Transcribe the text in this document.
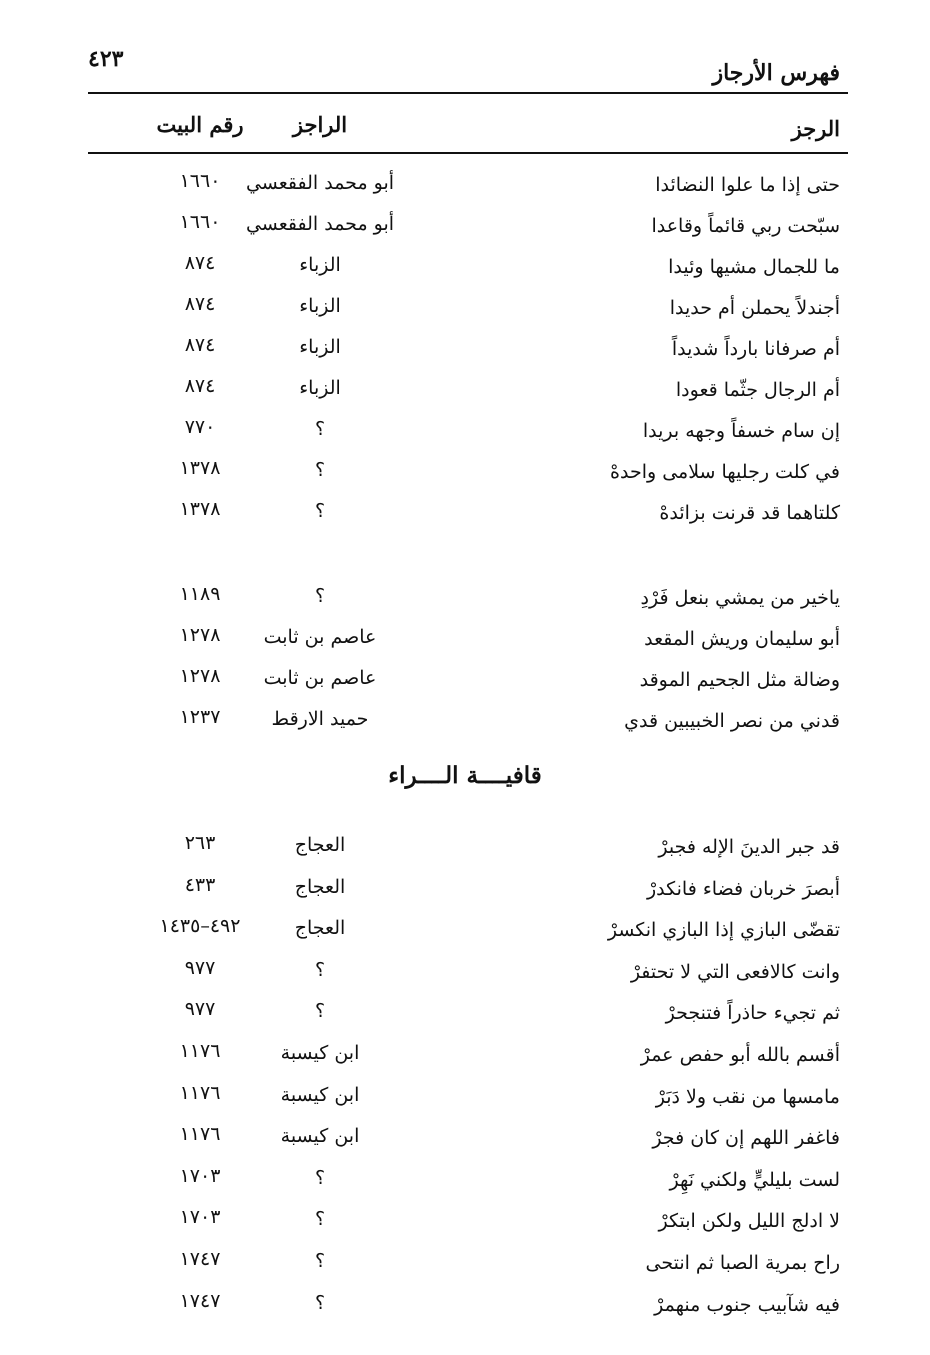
٤٢٣
فهرس الأرجاز
الرجز
الراجز
رقم البيت
حتى إذا ما علوا النضائدا
أبو محمد الفقعسي
١٦٦٠
سبّحت ربي قائماً وقاعدا
أبو محمد الفقعسي
١٦٦٠
ما للجمال مشيها وئيدا
الزباء
٨٧٤
أجندلاً يحملن أم حديدا
الزباء
٨٧٤
أم صرفانا بارداً شديداً
الزباء
٨٧٤
أم الرجال جثّما قعودا
الزباء
٨٧٤
إن سام خسفاً وجهه بريدا
؟
٧٧٠
في كلت رجليها سلامى واحدهْ
؟
١٣٧٨
كلتاهما قد قرنت بزائدهْ
؟
١٣٧٨
ياخير من يمشي بنعل فَرْدِ
؟
١١٨٩
أبو سليمان وريش المقعد
عاصم بن ثابت
١٢٧٨
وضالة مثل الجحيم الموقد
عاصم بن ثابت
١٢٧٨
قدني من نصر الخبيبين قدي
حميد الارقط
١٢٣٧
قد جبر الدينَ الإله فجبرْ
العجاج
٢٦٣
أبصرَ خربان فضاء فانكدرْ
العجاج
٤٣٣
تقضّى البازي إذا البازي انكسرْ
العجاج
٤٩٢–١٤٣٥
وانت كالافعى التي لا تحتفرْ
؟
٩٧٧
ثم تجيء حاذراً فتنجحرْ
؟
٩٧٧
أقسم بالله أبو حفص عمرْ
ابن كيسبة
١١٧٦
مامسها من نقب ولا دَبَرْ
ابن كيسبة
١١٧٦
فاغفر اللهم إن كان فجرْ
ابن كيسبة
١١٧٦
لست بليليٍّ ولكني نَهِرْ
؟
١٧٠٣
لا ادلج الليل ولكن ابتكرْ
؟
١٧٠٣
راح بمرية الصبا ثم انتحى
؟
١٧٤٧
فيه شآبيب جنوب منهمرْ
؟
١٧٤٧
قافيــــة الــــراء
